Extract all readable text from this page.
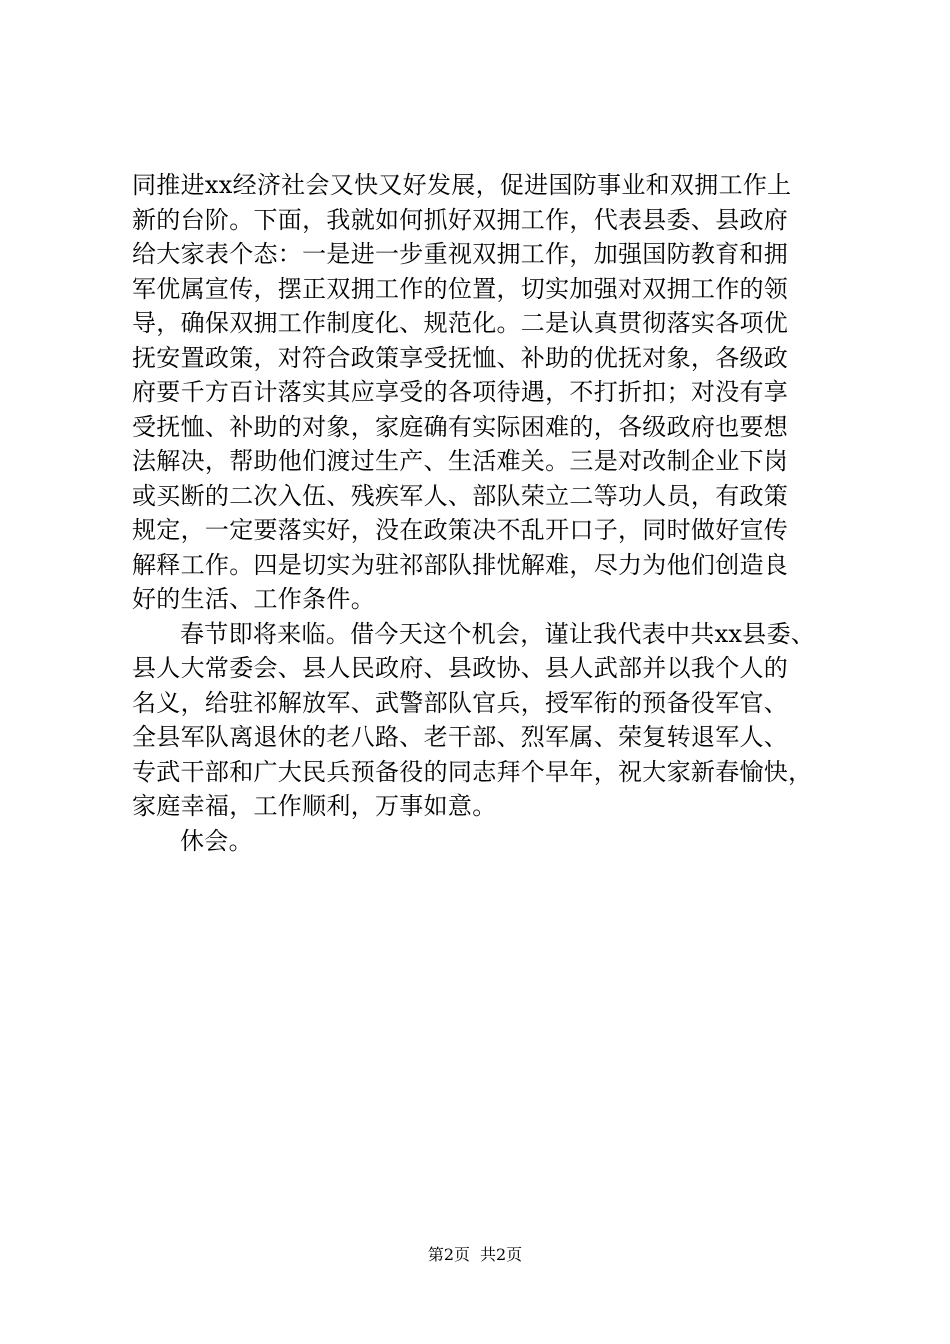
同推进xx经济社会又快又好发展，促进国防事业和双拥工作上
新的台阶。下面，我就如何抓好双拥工作，代表县委、县政府
给大家表个态：一是进一步重视双拥工作，加强国防教育和拥
军优属宣传，摆正双拥工作的位置，切实加强对双拥工作的领
导，确保双拥工作制度化、规范化。二是认真贯彻落实各项优
抚安置政策，对符合政策享受抚恤、补助的优抚对象，各级政
府要千方百计落实其应享受的各项待遇，不打折扣；对没有享
受抚恤、补助的对象，家庭确有实际困难的，各级政府也要想
法解决，帮助他们渡过生产、生活难关。三是对改制企业下岗
或买断的二次入伍、残疾军人、部队荣立二等功人员，有政策
规定，一定要落实好，没在政策决不乱开口子，同时做好宣传
解释工作。四是切实为驻祁部队排忧解难，尽力为他们创造良
好的生活、工作条件。
春节即将来临。借今天这个机会，谨让我代表中共xx县委、
县人大常委会、县人民政府、县政协、县人武部并以我个人的
名义，给驻祁解放军、武警部队官兵，授军衔的预备役军官、
全县军队离退休的老八路、老干部、烈军属、荣复转退军人、
专武干部和广大民兵预备役的同志拜个早年，祝大家新春愉快，
家庭幸福，工作顺利，万事如意。
休会。
第2页 共2页
